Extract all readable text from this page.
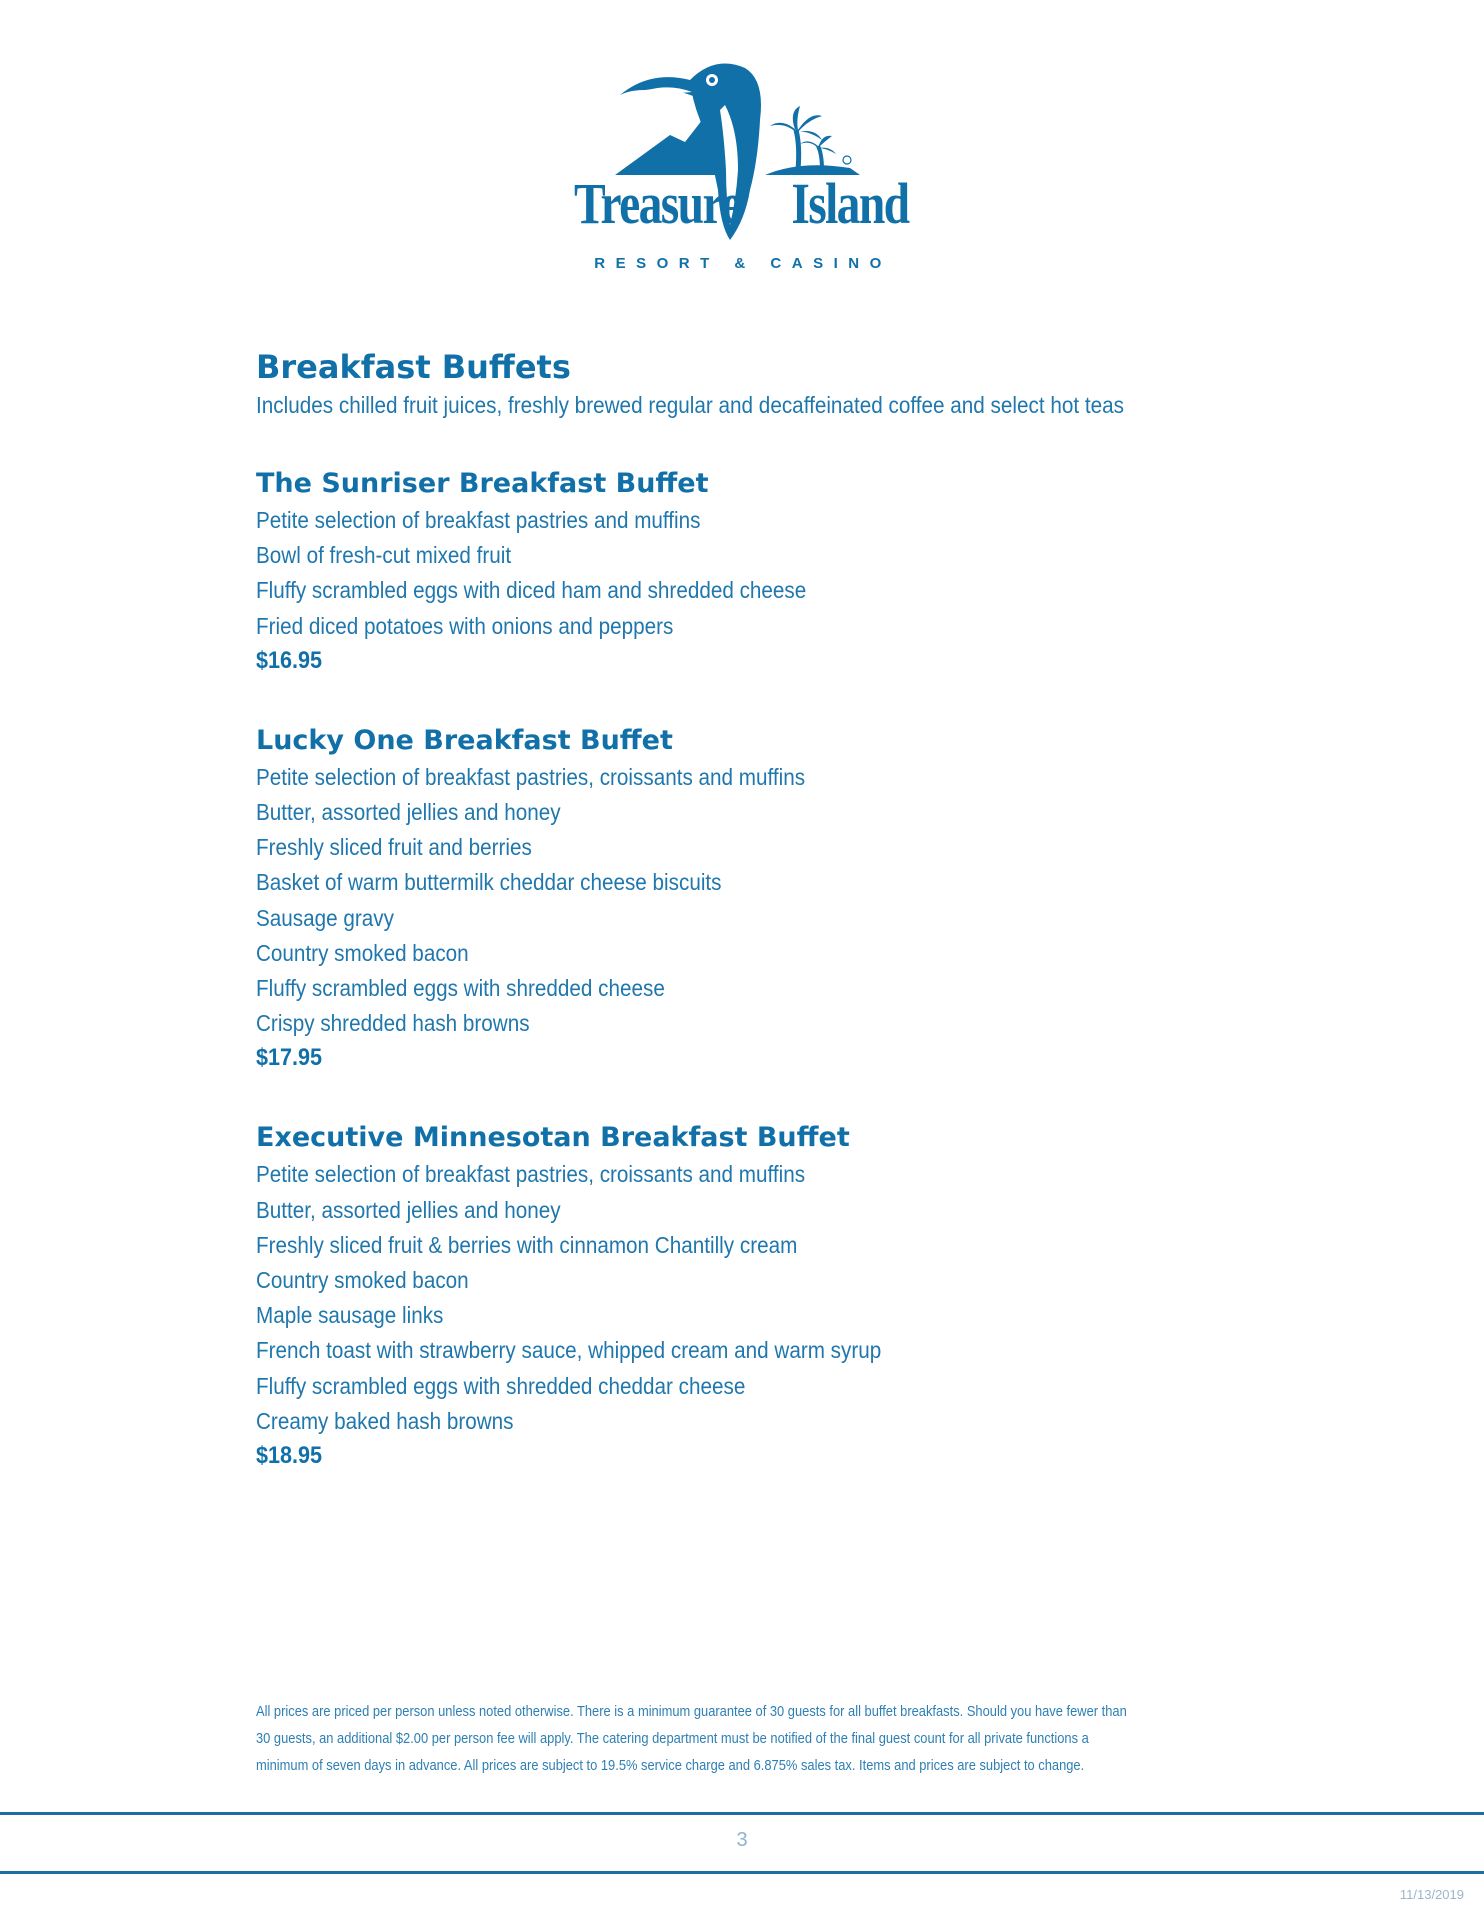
Treasure Island
RESORT & CASINO
Breakfast Buffets

Includes chilled fruit juices, freshly brewed regular and decaffeinated coffee and select hot teas

The Sunriser Breakfast Buffet

Petite selection of breakfast pastries and muffins

Bowl of fresh-cut mixed fruit

Fluffy scrambled eggs with diced ham and shredded cheese

Fried diced potatoes with onions and peppers

$16.95

Lucky One Breakfast Buffet

Petite selection of breakfast pastries, croissants and muffins

Butter, assorted jellies and honey

Freshly sliced fruit and berries

Basket of warm buttermilk cheddar cheese biscuits

Sausage gravy

Country smoked bacon

Fluffy scrambled eggs with shredded cheese

Crispy shredded hash browns

$17.95

Executive Minnesotan Breakfast Buffet

Petite selection of breakfast pastries, croissants and muffins

Butter, assorted jellies and honey

Freshly sliced fruit & berries with cinnamon Chantilly cream

Country smoked bacon

Maple sausage links

French toast with strawberry sauce, whipped cream and warm syrup

Fluffy scrambled eggs with shredded cheddar cheese

Creamy baked hash browns

$18.95

All prices are priced per person unless noted otherwise. There is a minimum guarantee of 30 guests for all buffet breakfasts. Should you have fewer than
30 guests, an additional $2.00 per person fee will apply. The catering department must be notified of the final guest count for all private functions a
minimum of seven days in advance. All prices are subject to 19.5% service charge and 6.875% sales tax. Items and prices are subject to change.
3
11/13/2019
